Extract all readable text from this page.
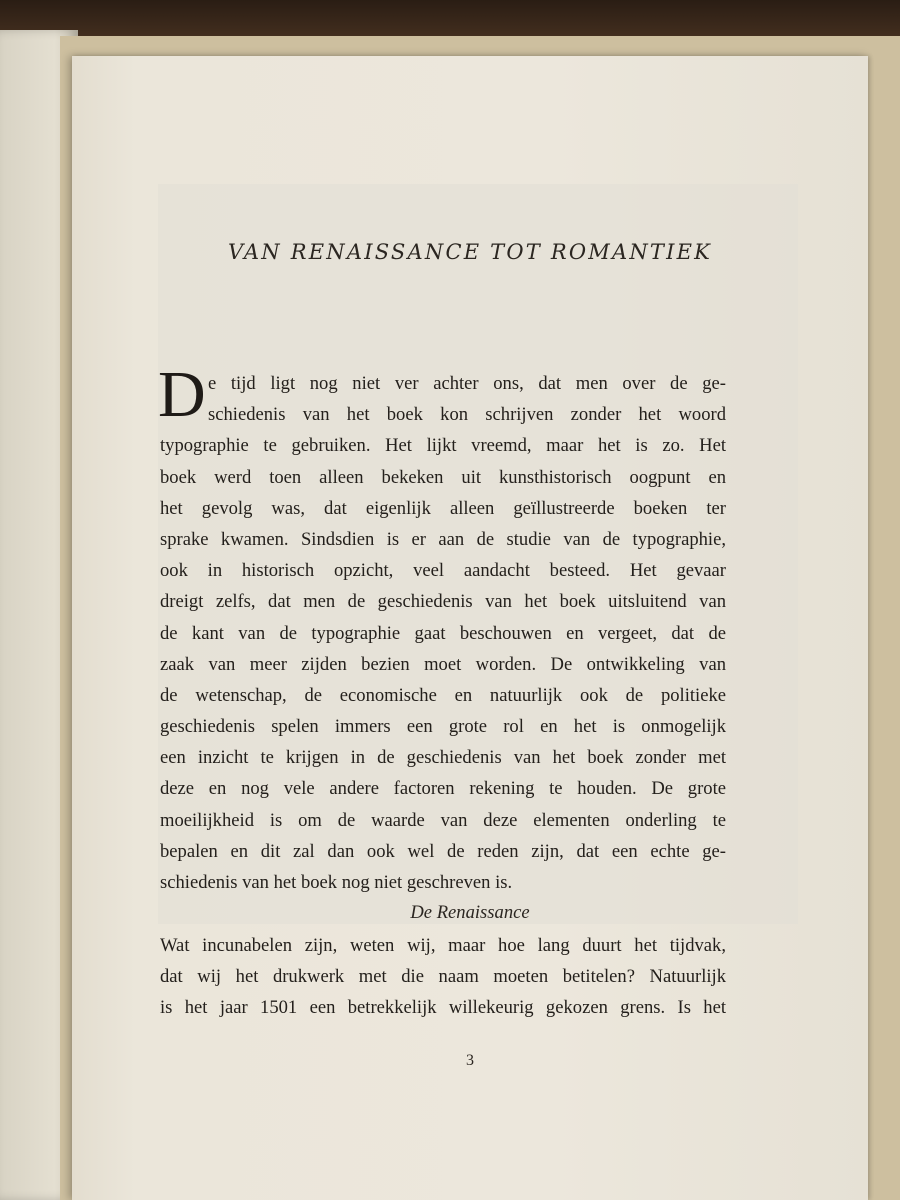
VAN RENAISSANCE TOT ROMANTIEK
D e tijd ligt nog niet ver achter ons, dat men over de ge-
schiedenis van het boek kon schrijven zonder het woord
typographie te gebruiken. Het lijkt vreemd, maar het is zo. Het
boek werd toen alleen bekeken uit kunsthistorisch oogpunt en
het gevolg was, dat eigenlijk alleen geïllustreerde boeken ter
sprake kwamen. Sindsdien is er aan de studie van de typographie,
ook in historisch opzicht, veel aandacht besteed. Het gevaar
dreigt zelfs, dat men de geschiedenis van het boek uitsluitend van
de kant van de typographie gaat beschouwen en vergeet, dat de
zaak van meer zijden bezien moet worden. De ontwikkeling van
de wetenschap, de economische en natuurlijk ook de politieke
geschiedenis spelen immers een grote rol en het is onmogelijk
een inzicht te krijgen in de geschiedenis van het boek zonder met
deze en nog vele andere factoren rekening te houden. De grote
moeilijkheid is om de waarde van deze elementen onderling te
bepalen en dit zal dan ook wel de reden zijn, dat een echte ge-
schiedenis van het boek nog niet geschreven is.
De Renaissance
Wat incunabelen zijn, weten wij, maar hoe lang duurt het tijdvak,
dat wij het drukwerk met die naam moeten betitelen? Natuurlijk
is het jaar 1501 een betrekkelijk willekeurig gekozen grens. Is het
3
